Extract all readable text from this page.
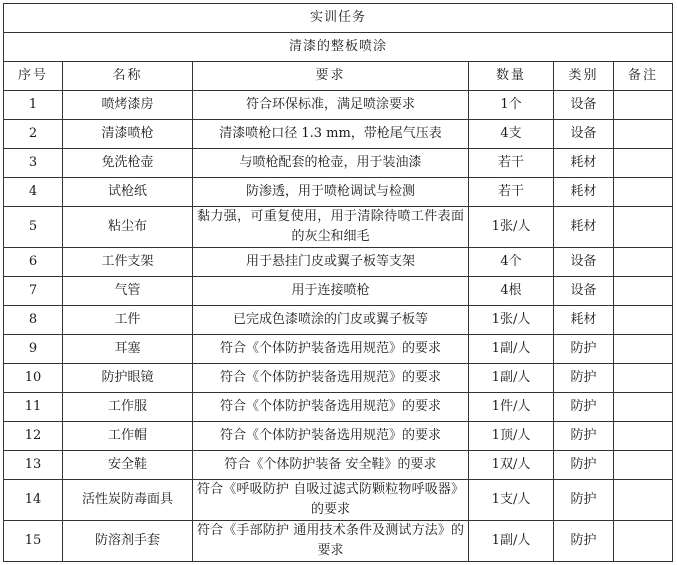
实训任务					
清漆的整板喷涂					
序号	名称	要求	数量	类别	备注
1	喷烤漆房	符合环保标准，满足喷涂要求	1个	设备	
2	清漆喷枪	清漆喷枪口径 1.3 mm，带枪尾气压表	4支	设备	
3	免洗枪壶	与喷枪配套的枪壶，用于装油漆	若干	耗材	
4	试枪纸	防渗透，用于喷枪调试与检测	若干	耗材	
5	粘尘布	黏力强，可重复使用，用于清除待喷工件表面的灰尘和细毛	1张/人	耗材	
6	工件支架	用于悬挂门皮或翼子板等支架	4个	设备	
7	气管	用于连接喷枪	4根	设备	
8	工件	已完成色漆喷涂的门皮或翼子板等	1张/人	耗材	
9	耳塞	符合《个体防护装备选用规范》的要求	1副/人	防护	
10	防护眼镜	符合《个体防护装备选用规范》的要求	1副/人	防护	
11	工作服	符合《个体防护装备选用规范》的要求	1件/人	防护	
12	工作帽	符合《个体防护装备选用规范》的要求	1顶/人	防护	
13	安全鞋	符合《个体防护装备 安全鞋》的要求	1双/人	防护	
14	活性炭防毒面具	符合《呼吸防护 自吸过滤式防颗粒物呼吸器》的要求	1支/人	防护	
15	防溶剂手套	符合《手部防护 通用技术条件及测试方法》的要求	1副/人	防护	
